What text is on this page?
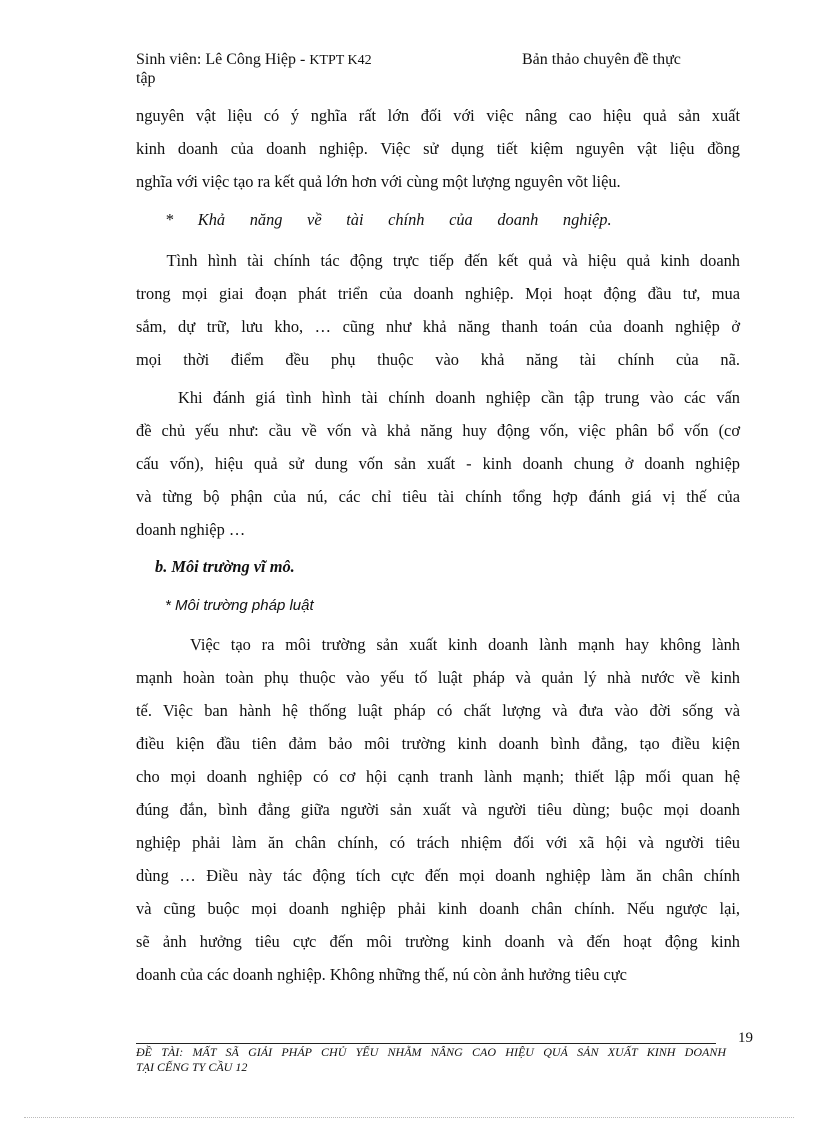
Sinh viên: Lê Công Hiệp - KTPT K42	Bản thảo chuyên đề thực
tập
nguyên vật liệu có ý nghĩa rất lớn đối với việc nâng cao hiệu quả sản xuất
kinh doanh của doanh nghiệp. Việc sử dụng tiết kiệm nguyên vật liệu đồng
nghĩa với việc tạo ra kết quả lớn hơn với cùng một lượng nguyên võt liệu.
*      Khả      năng      về      tài      chính      của      doanh      nghiệp.
Tình hình tài chính tác động trực tiếp đến kết quả và hiệu quả kinh doanh
trong mọi giai đoạn phát triển của doanh nghiệp. Mọi hoạt động đầu tư, mua
sắm, dự trữ, lưu kho, … cũng như khả năng thanh toán của doanh nghiệp ở
mọi thời điểm đều phụ thuộc vào khả năng tài chính của nã.
Khi đánh giá tình hình tài chính doanh nghiệp cần tập trung vào các vấn
đề chủ yếu như: cầu về vốn và khả năng huy động vốn, việc phân bổ vốn (cơ
cấu vốn), hiệu quả sử dung vốn sản xuất - kinh doanh chung ở doanh nghiệp
và từng bộ phận của nú, các chỉ tiêu tài chính tổng hợp đánh giá vị thế của
doanh nghiệp …
b. Môi trường vĩ mô.
* Môi trường pháp luật
Việc tạo ra môi trường sản xuất kinh doanh lành mạnh hay không lành
mạnh hoàn toàn phụ thuộc vào yếu tố luật pháp và quản lý nhà nước về kinh
tế. Việc ban hành hệ thống luật pháp có chất lượng và đưa vào đời sống và
điều kiện đầu tiên đảm bảo môi trường kinh doanh bình đẳng, tạo điều kiện
cho mọi doanh nghiệp có cơ hội cạnh tranh lành mạnh; thiết lập mối quan hệ
đúng đắn, bình đẳng giữa người sản xuất và người tiêu dùng; buộc mọi doanh
nghiệp phải làm ăn chân chính, có trách nhiệm đối với xã hội và người tiêu
dùng … Điều này tác động tích cực đến mọi doanh nghiệp làm ăn chân chính
và cũng buộc mọi doanh nghiệp phải kinh doanh chân chính. Nếu ngược lại,
sẽ ảnh hưởng tiêu cực đến môi trường kinh doanh và đến hoạt động kinh
doanh của các doanh nghiệp. Không những thế, nú còn ảnh hưởng tiêu cực
19
ĐỀ TÀI: MẤT SÃ GIẢI PHÁP CHỦ YẾU NHẰM NÂNG CAO HIỆU QUẢ SẢN XUẤT KINH DOANH
TẠI CẾNG TY CẦU 12
